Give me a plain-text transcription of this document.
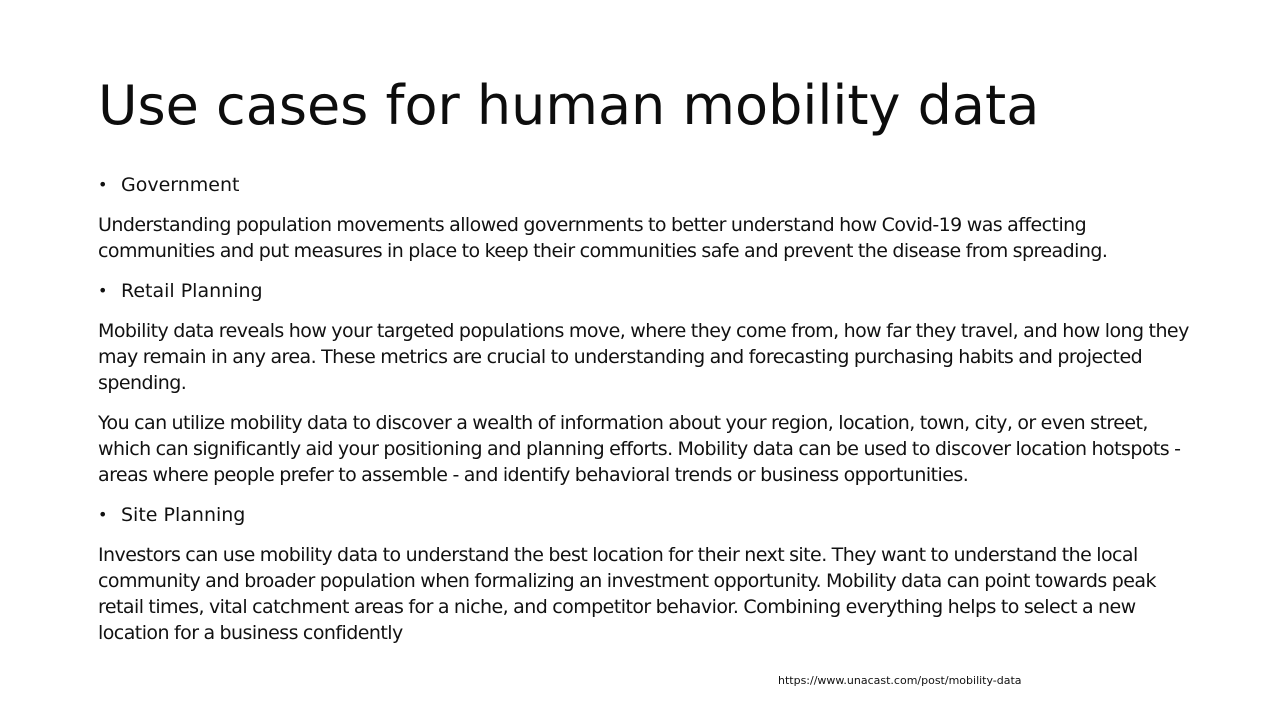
Use cases for human mobility data
• Government

Understanding population movements allowed governments to better understand how Covid-19 was affecting communities and put measures in place to keep their communities safe and prevent the disease from spreading.

• Retail Planning

Mobility data reveals how your targeted populations move, where they come from, how far they travel, and how long they may remain in any area. These metrics are crucial to understanding and forecasting purchasing habits and projected spending.

You can utilize mobility data to discover a wealth of information about your region, location, town, city, or even street, which can significantly aid your positioning and planning efforts. Mobility data can be used to discover location hotspots - areas where people prefer to assemble - and identify behavioral trends or business opportunities.

• Site Planning

Investors can use mobility data to understand the best location for their next site. They want to understand the local community and broader population when formalizing an investment opportunity. Mobility data can point towards peak retail times, vital catchment areas for a niche, and competitor behavior. Combining everything helps to select a new location for a business confidently

https://www.unacast.com/post/mobility-data
